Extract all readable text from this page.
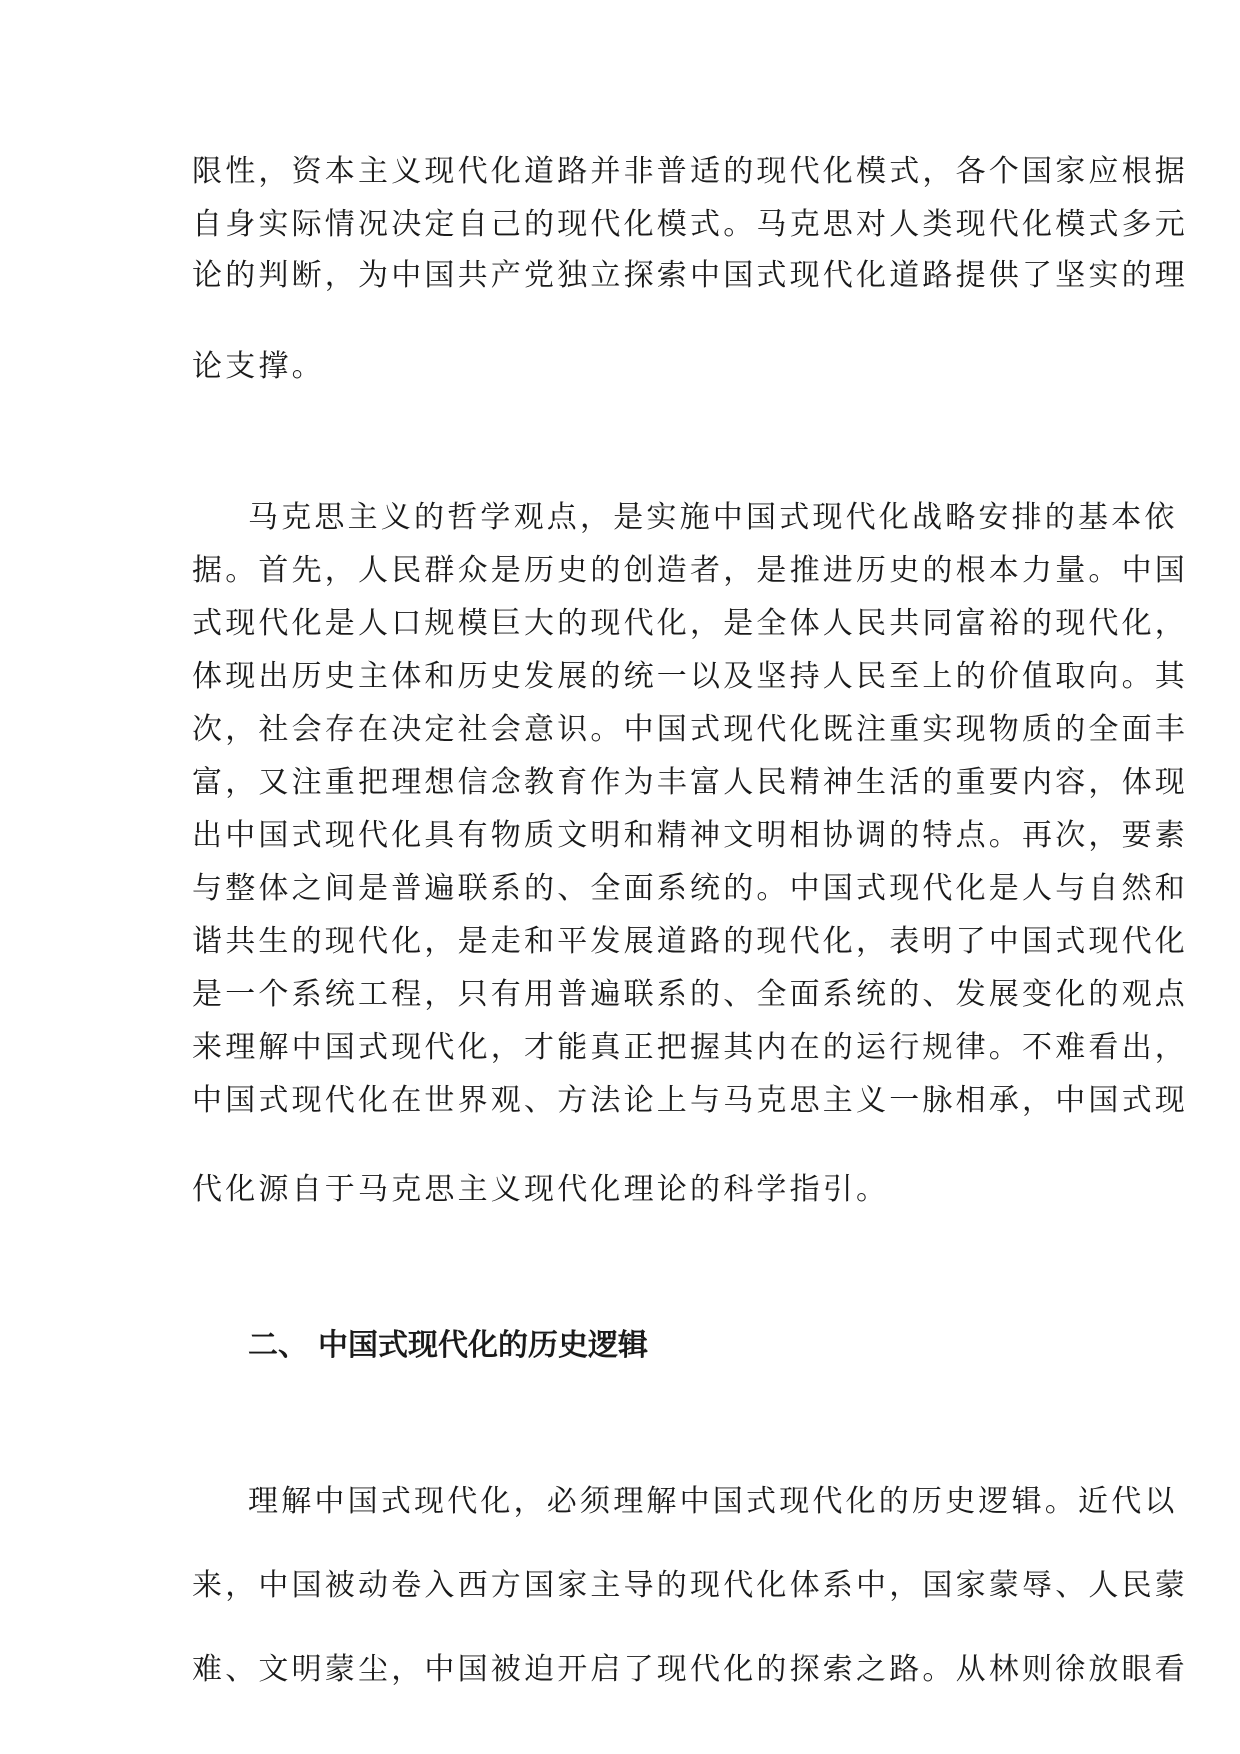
限性，资本主义现代化道路并非普适的现代化模式，各个国家应根据
自身实际情况决定自己的现代化模式。马克思对人类现代化模式多元
论的判断，为中国共产党独立探索中国式现代化道路提供了坚实的理
论支撑。
马克思主义的哲学观点，是实施中国式现代化战略安排的基本依
据。首先，人民群众是历史的创造者，是推进历史的根本力量。中国
式现代化是人口规模巨大的现代化，是全体人民共同富裕的现代化，
体现出历史主体和历史发展的统一以及坚持人民至上的价值取向。其
次，社会存在决定社会意识。中国式现代化既注重实现物质的全面丰
富，又注重把理想信念教育作为丰富人民精神生活的重要内容，体现
出中国式现代化具有物质文明和精神文明相协调的特点。再次，要素
与整体之间是普遍联系的、全面系统的。中国式现代化是人与自然和
谐共生的现代化，是走和平发展道路的现代化，表明了中国式现代化
是一个系统工程，只有用普遍联系的、全面系统的、发展变化的观点
来理解中国式现代化，才能真正把握其内在的运行规律。不难看出，
中国式现代化在世界观、方法论上与马克思主义一脉相承，中国式现
代化源自于马克思主义现代化理论的科学指引。
二、 中国式现代化的历史逻辑
理解中国式现代化，必须理解中国式现代化的历史逻辑。近代以
来，中国被动卷入西方国家主导的现代化体系中，国家蒙辱、人民蒙
难、文明蒙尘，中国被迫开启了现代化的探索之路。从林则徐放眼看
